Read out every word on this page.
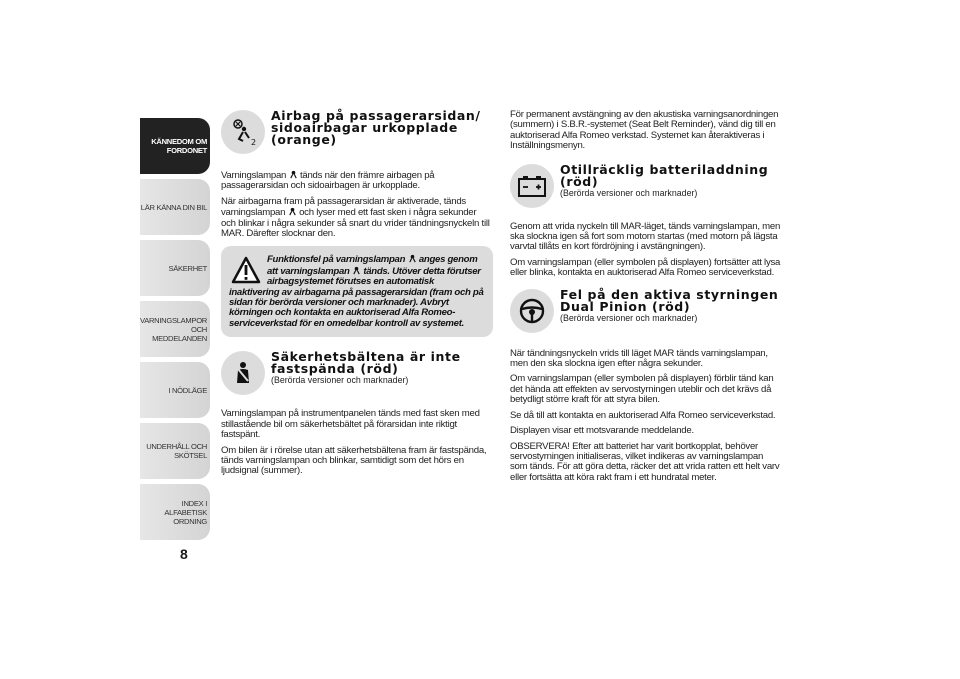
KÄNNEDOM OM FORDONET
LÄR KÄNNA DIN BIL
SÄKERHET
VARNINGSLAMPOR OCH MEDDELANDEN
I NÖDLÄGE
UNDERHÅLL OCH SKÖTSEL
INDEX I ALFABETISK ORDNING
8
2
Airbag på passagerarsidan/ sidoairbagar urkopplade (orange)

Varningslampan tänds när den främre airbagen på passagerarsidan och sidoairbagen är urkopplade.

När airbagarna fram på passagerarsidan är aktiverade, tänds varningslampan och lyser med ett fast sken i några sekunder och blinkar i några sekunder så snart du vrider tändningsnyckeln till MAR. Därefter slocknar den.

Funktionsfel på varningslampan anges genom att varningslampan tänds. Utöver detta förutser airbagsystemet förutses en automatisk inaktivering av airbagarna på passagerarsidan (fram och på sidan för berörda versioner och marknader). Avbryt körningen och kontakta en auktoriserad Alfa Romeo-serviceverkstad för en omedelbar kontroll av systemet.
Säkerhetsbältena är inte fastspända (röd)
(Berörda versioner och marknader)

Varningslampan på instrumentpanelen tänds med fast sken med stillastående bil om säkerhetsbältet på förarsidan inte riktigt fastspänt.

Om bilen är i rörelse utan att säkerhetsbältena fram är fastspända, tänds varningslampan och blinkar, samtidigt som det hörs en ljudsignal (summer).

För permanent avstängning av den akustiska varningsanordningen (summern) i S.B.R.-systemet (Seat Belt Reminder), vänd dig till en auktoriserad Alfa Romeo verkstad. Systemet kan återaktiveras i Inställningsmenyn.

Otillräcklig batteriladdning (röd)
(Berörda versioner och marknader)

Genom att vrida nyckeln till MAR-läget, tänds varningslampan, men ska slockna igen så fort som motorn startas (med motorn på lägsta varvtal tillåts en kort fördröjning i avstängningen).

Om varningslampan (eller symbolen på displayen) fortsätter att lysa eller blinka, kontakta en auktoriserad Alfa Romeo serviceverkstad.

Fel på den aktiva styrningen Dual Pinion (röd)
(Berörda versioner och marknader)

När tändningsnyckeln vrids till läget MAR tänds varningslampan, men den ska slockna igen efter några sekunder.

Om varningslampan (eller symbolen på displayen) förblir tänd kan det hända att effekten av servostyrningen uteblir och det krävs då betydligt större kraft för att styra bilen.

Se då till att kontakta en auktoriserad Alfa Romeo serviceverkstad.

Displayen visar ett motsvarande meddelande.

OBSERVERA! Efter att batteriet har varit bortkopplat, behöver servostyrningen initialiseras, vilket indikeras av varningslampan som tänds. För att göra detta, räcker det att vrida ratten ett helt varv eller fortsätta att köra rakt fram i ett hundratal meter.
